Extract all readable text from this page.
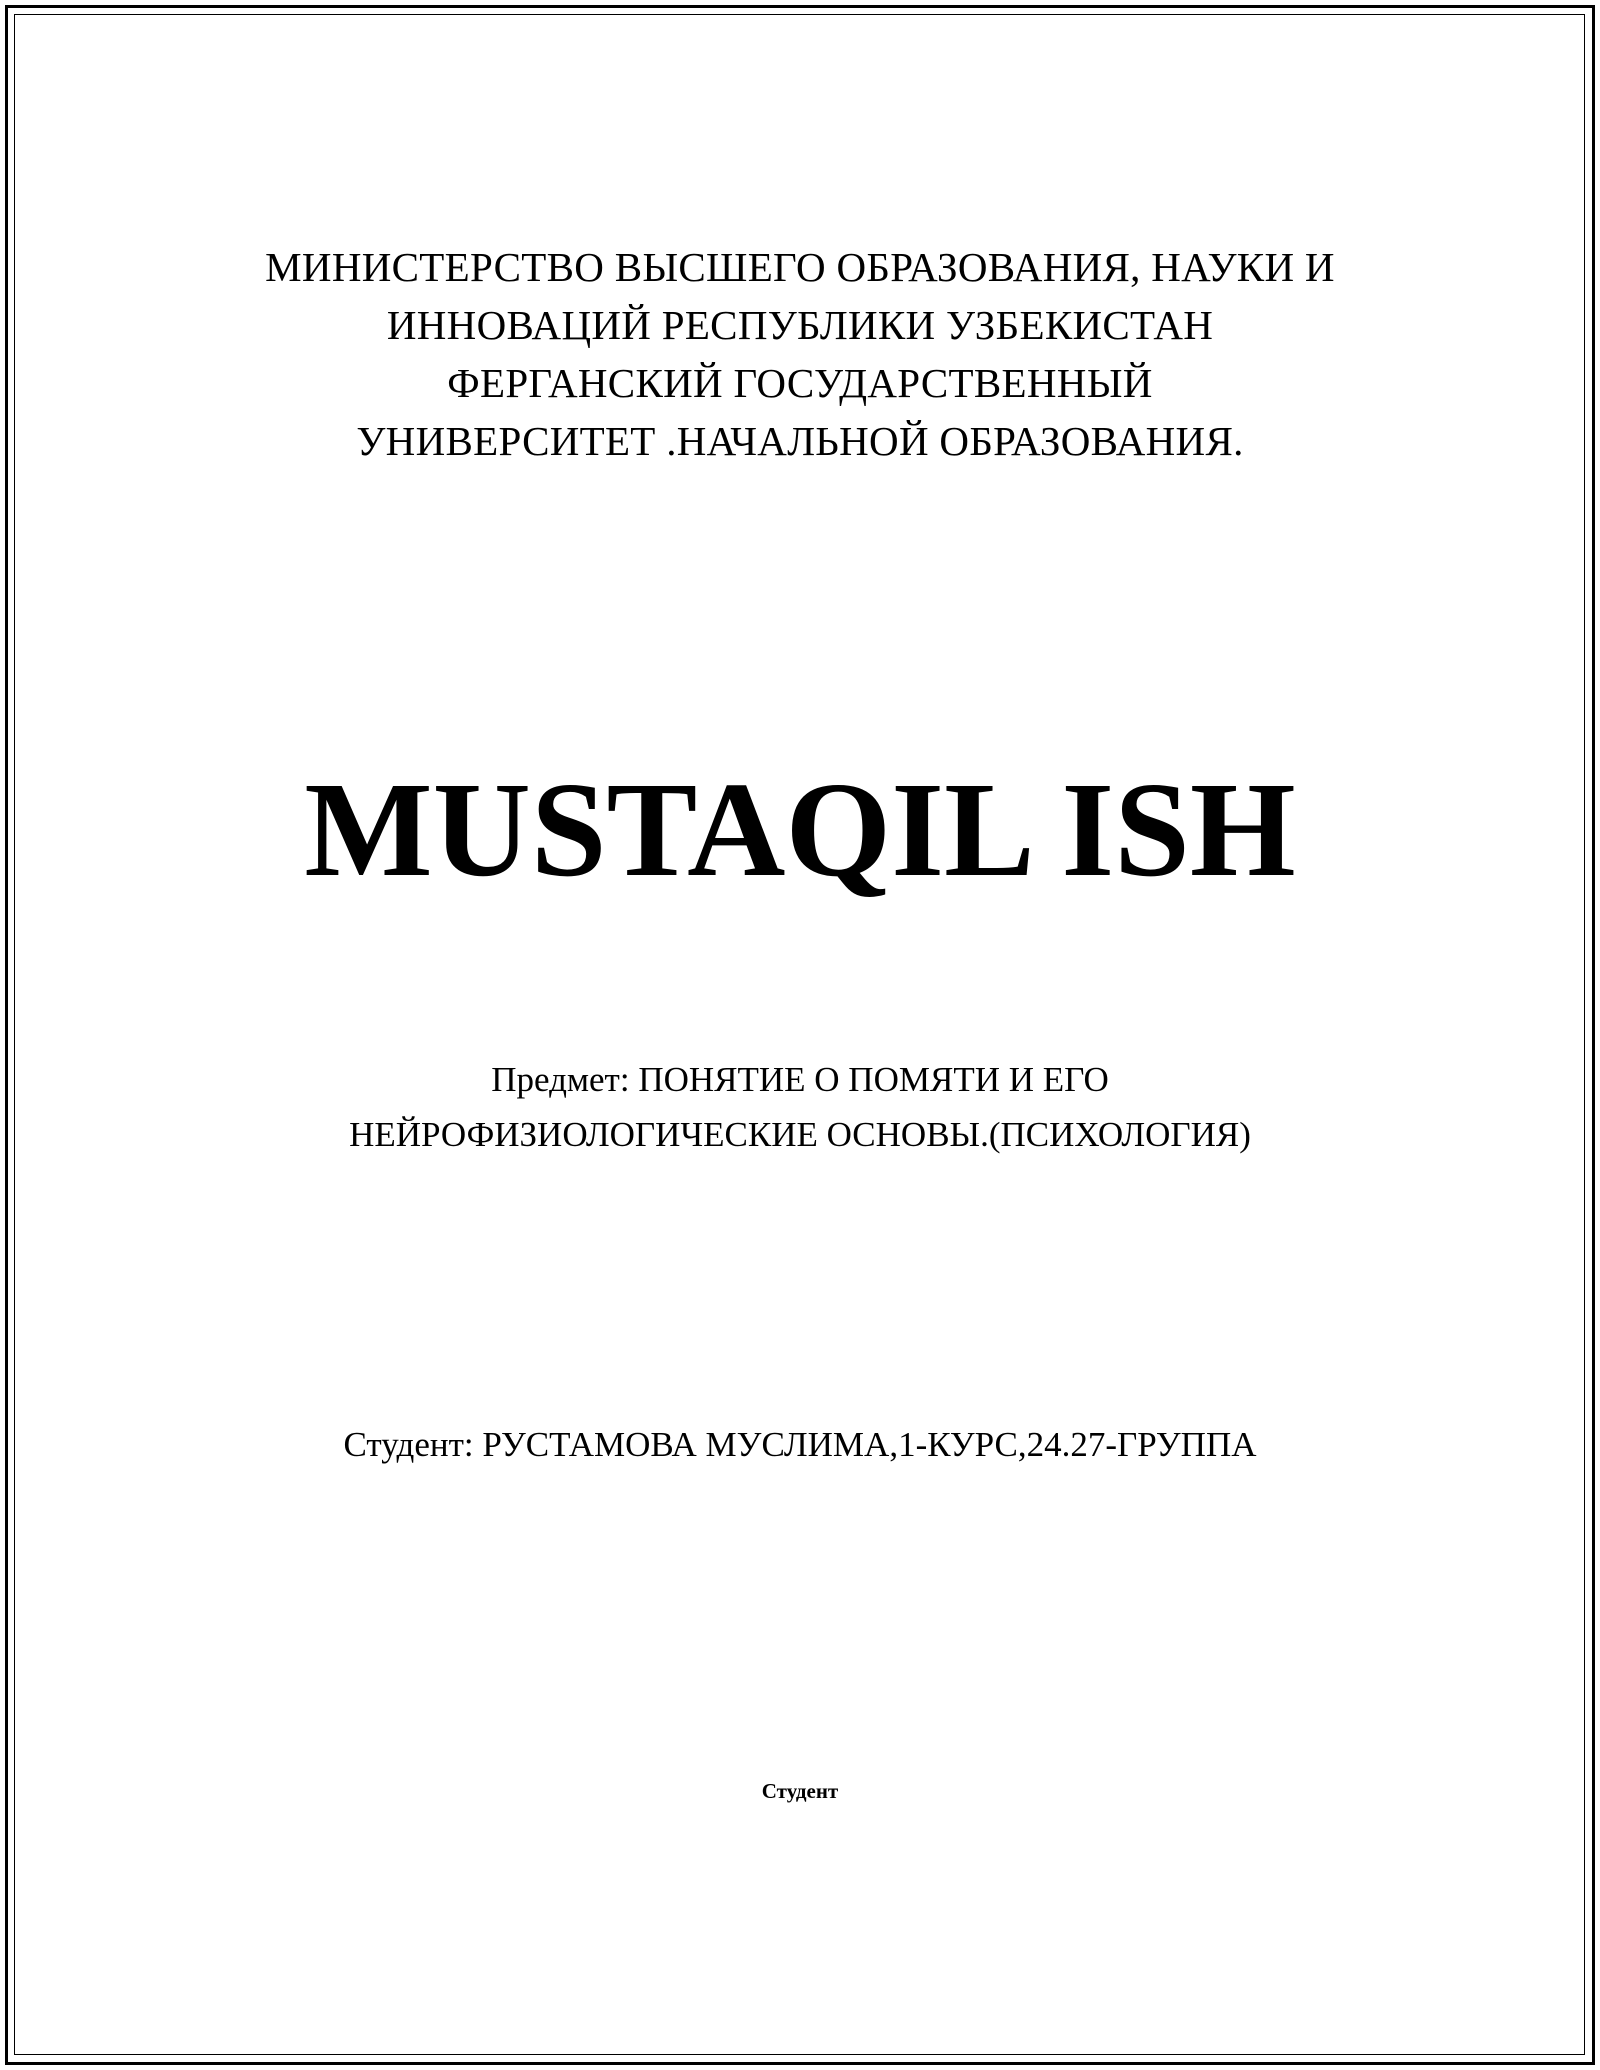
МИНИСТЕРСТВО ВЫСШЕГО ОБРАЗОВАНИЯ, НАУКИ И
ИННОВАЦИЙ РЕСПУБЛИКИ УЗБЕКИСТАН
ФЕРГАНСКИЙ ГОСУДАРСТВЕННЫЙ
УНИВЕРСИТЕТ .НАЧАЛЬНОЙ ОБРАЗОВАНИЯ.
MUSTAQIL ISH
Предмет: ПОНЯТИЕ О ПОМЯТИ И ЕГО
НЕЙРОФИЗИОЛОГИЧЕСКИЕ ОСНОВЫ.(ПСИХОЛОГИЯ)
Студент: РУСТАМОВА МУСЛИМА,1-КУРС,24.27-ГРУППА
Студент
